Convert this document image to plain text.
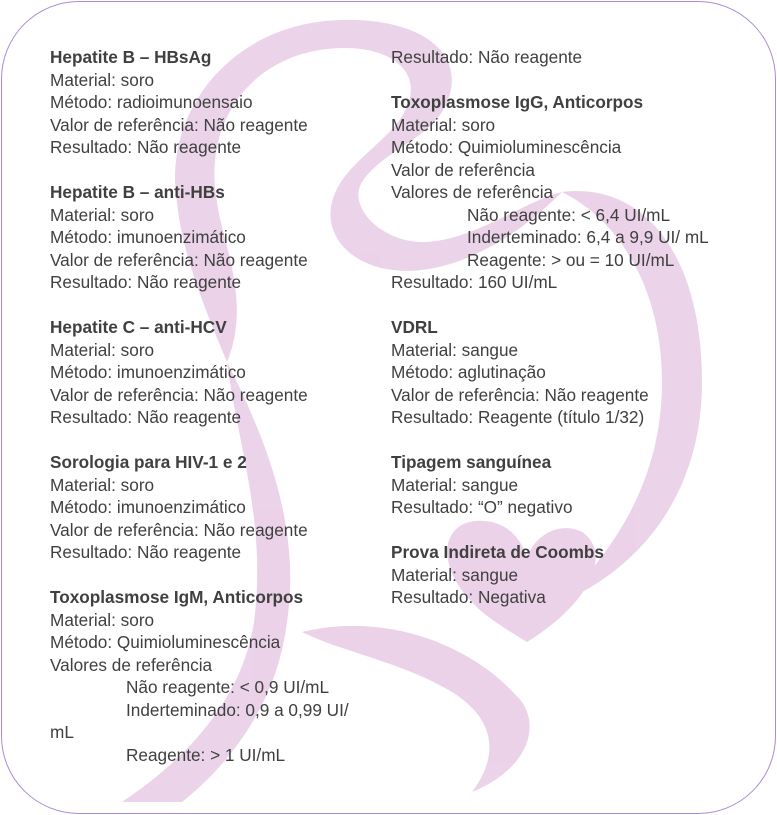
Hepatite B – HBsAg
Material: soro
Método: radioimunoensaio
Valor de referência: Não reagente
Resultado: Não reagente
Hepatite B – anti-HBs
Material: soro
Método: imunoenzimático
Valor de referência: Não reagente
Resultado: Não reagente
Hepatite C – anti-HCV
Material: soro
Método: imunoenzimático
Valor de referência: Não reagente
Resultado: Não reagente
Sorologia para HIV-1 e 2
Material: soro
Método: imunoenzimático
Valor de referência: Não reagente
Resultado: Não reagente
Toxoplasmose IgM, Anticorpos
Material: soro
Método: Quimioluminescência
Valores de referência
Não reagente: < 0,9 UI/mL
Inderteminado: 0,9 a 0,99 UI/
mL
Reagente: > 1 UI/mL
Resultado: Não reagente
Toxoplasmose IgG, Anticorpos
Material: soro
Método: Quimioluminescência
Valor de referência
Valores de referência
Não reagente: < 6,4 UI/mL
Inderteminado: 6,4 a 9,9 UI/ mL
Reagente: > ou = 10 UI/mL
Resultado: 160 UI/mL
VDRL
Material: sangue
Método: aglutinação
Valor de referência: Não reagente
Resultado: Reagente (título 1/32)
Tipagem sanguínea
Material: sangue
Resultado: “O” negativo
Prova Indireta de Coombs
Material: sangue
Resultado: Negativa
